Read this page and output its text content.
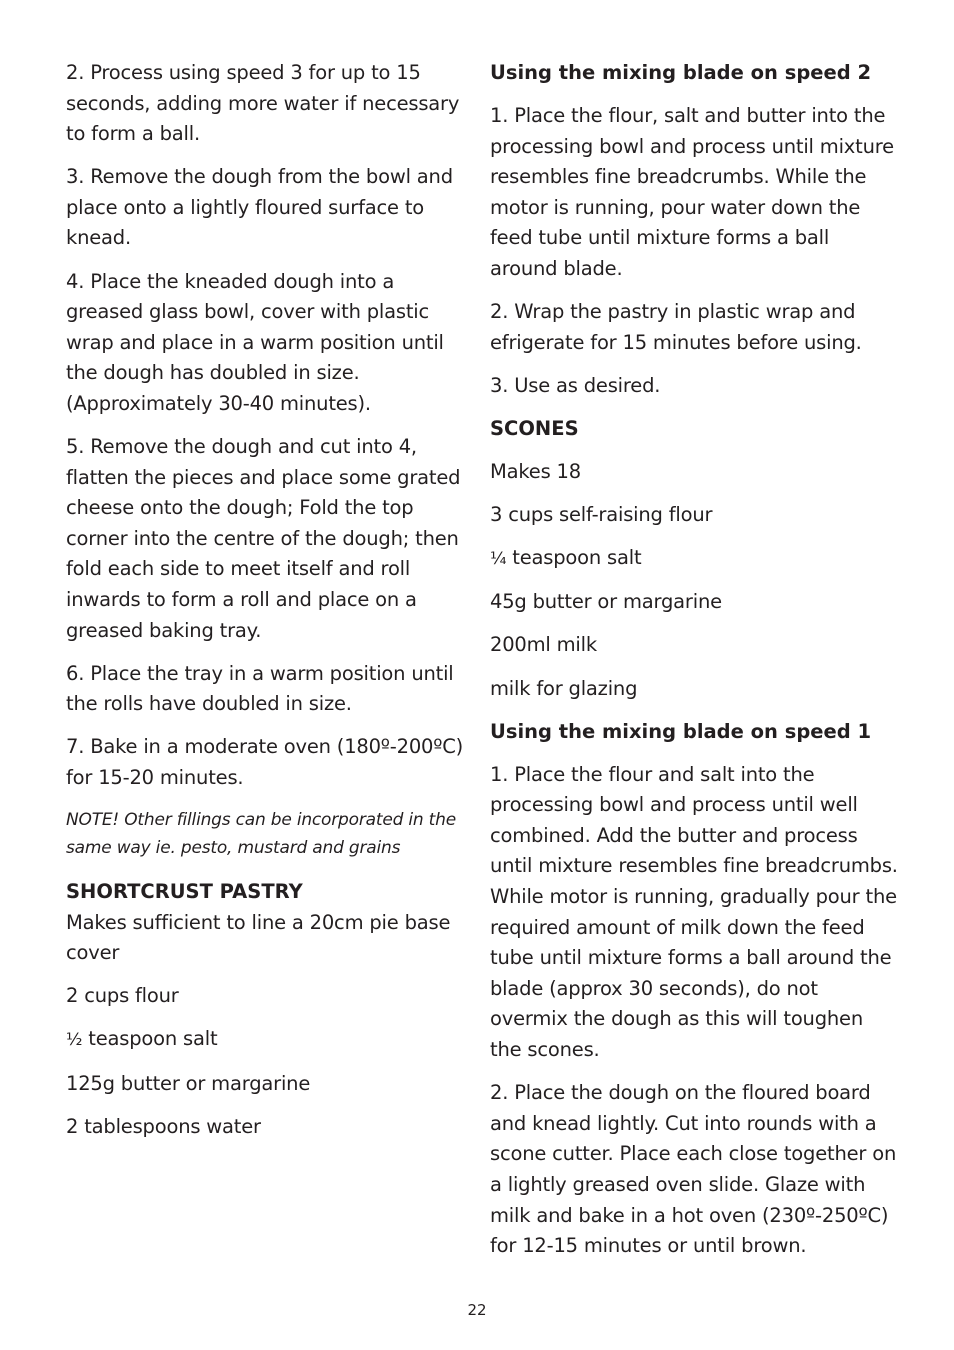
2. Process using speed 3 for up to 15 seconds, adding more water if necessary to form a ball.

3. Remove the dough from the bowl and place onto a lightly floured surface to knead.

4. Place the kneaded dough into a greased glass bowl, cover with plastic wrap and place in a warm position until the dough has doubled in size. (Approximately 30-40 minutes).

5. Remove the dough and cut into 4, flatten the pieces and place some grated cheese onto the dough; Fold the top corner into the centre of the dough; then fold each side to meet itself and roll inwards to form a roll and place on a greased baking tray.

6. Place the tray in a warm position until the rolls have doubled in size.

7. Bake in a moderate oven (180º-200ºC) for 15-20 minutes.

NOTE! Other fillings can be incorporated in the same way ie. pesto, mustard and grains

SHORTCRUST PASTRY

Makes sufficient to line a 20cm pie base cover

2 cups flour

½ teaspoon salt

125g butter or margarine

2 tablespoons water

Using the mixing blade on speed 2

1. Place the flour, salt and butter into the processing bowl and process until mixture resembles fine breadcrumbs. While the motor is running, pour water down the feed tube until mixture forms a ball around blade.

2. Wrap the pastry in plastic wrap and efrigerate for 15 minutes before using.

3. Use as desired.

SCONES

Makes 18

3 cups self-raising flour

¼ teaspoon salt

45g butter or margarine

200ml milk

milk for glazing

Using the mixing blade on speed 1

1. Place the flour and salt into the processing bowl and process until well combined. Add the butter and process until mixture resembles fine breadcrumbs. While motor is running, gradually pour the required amount of milk down the feed tube until mixture forms a ball around the blade (approx 30 seconds), do not overmix the dough as this will toughen the scones.

2. Place the dough on the floured board and knead lightly. Cut into rounds with a scone cutter. Place each close together on a lightly greased oven slide. Glaze with milk and bake in a hot oven (230º-250ºC) for 12-15 minutes or until brown.

22
